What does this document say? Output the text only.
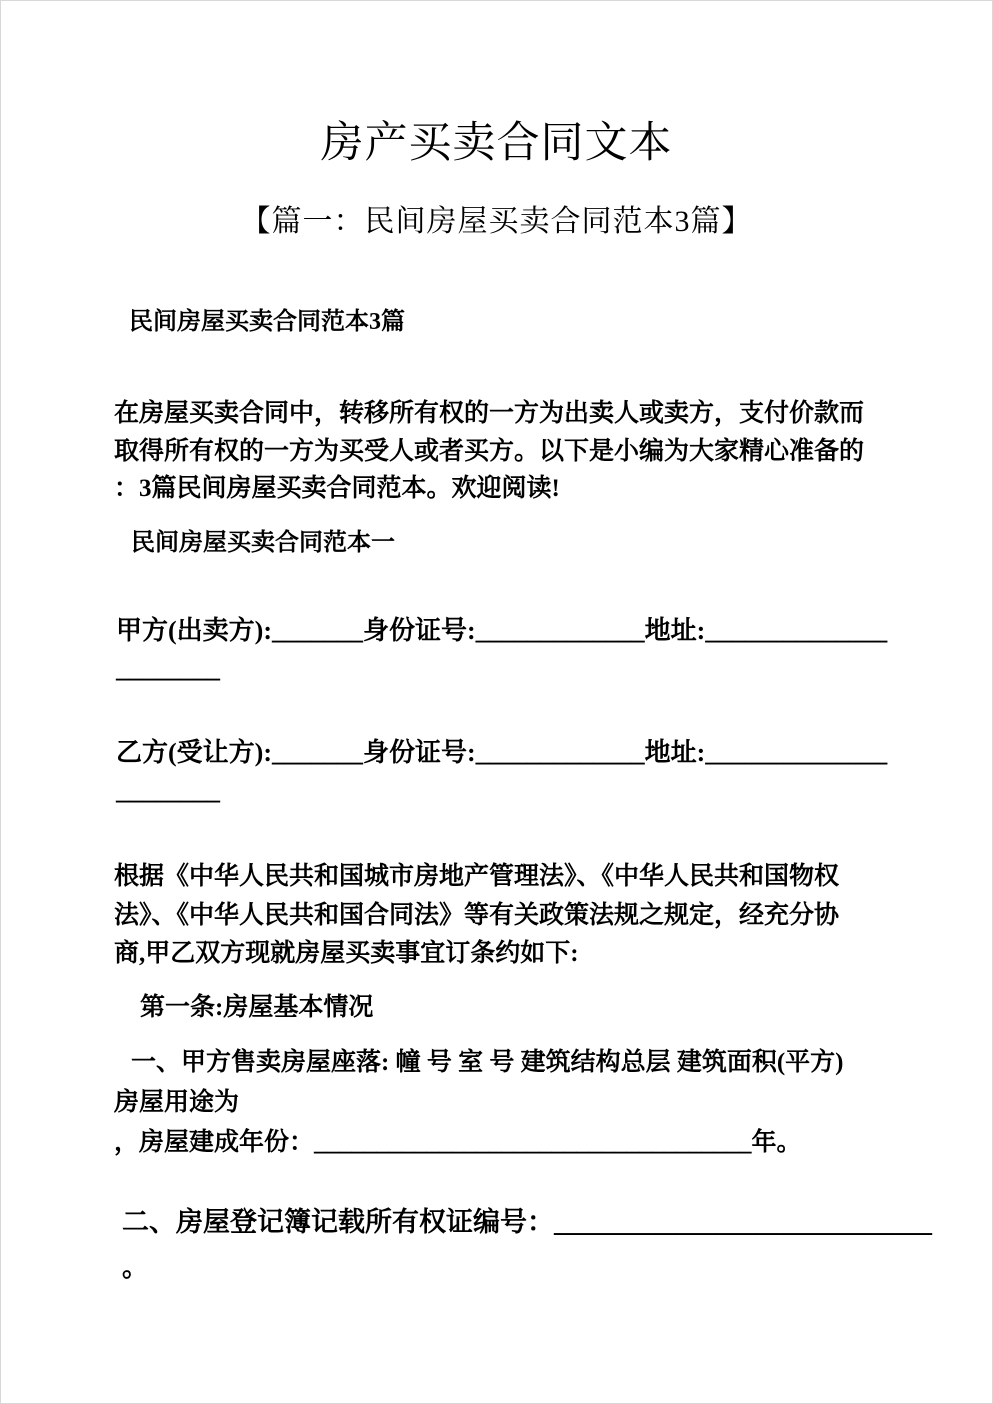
房产买卖合同文本
【篇一：民间房屋买卖合同范本3篇】
民间房屋买卖合同范本3篇
在房屋买卖合同中，转移所有权的一方为出卖人或卖方，支付价款而
取得所有权的一方为买受人或者买方。以下是小编为大家精心准备的
：3篇民间房屋买卖合同范本。欢迎阅读!
民间房屋买卖合同范本一
甲方(出卖方):_______身份证号:_____________地址:______________
________
乙方(受让方):_______身份证号:_____________地址:______________
________
根据《中华人民共和国城市房地产管理法》、《中华人民共和国物权
法》、《中华人民共和国合同法》等有关政策法规之规定，经充分协
商,甲乙双方现就房屋买卖事宜订条约如下:
第一条:房屋基本情况
一、甲方售卖房屋座落: 幢 号 室 号 建筑结构总层 建筑面积(平方)
房屋用途为
，房屋建成年份：___________________________________年。
二、房屋登记簿记载所有权证编号：____________________________
。
